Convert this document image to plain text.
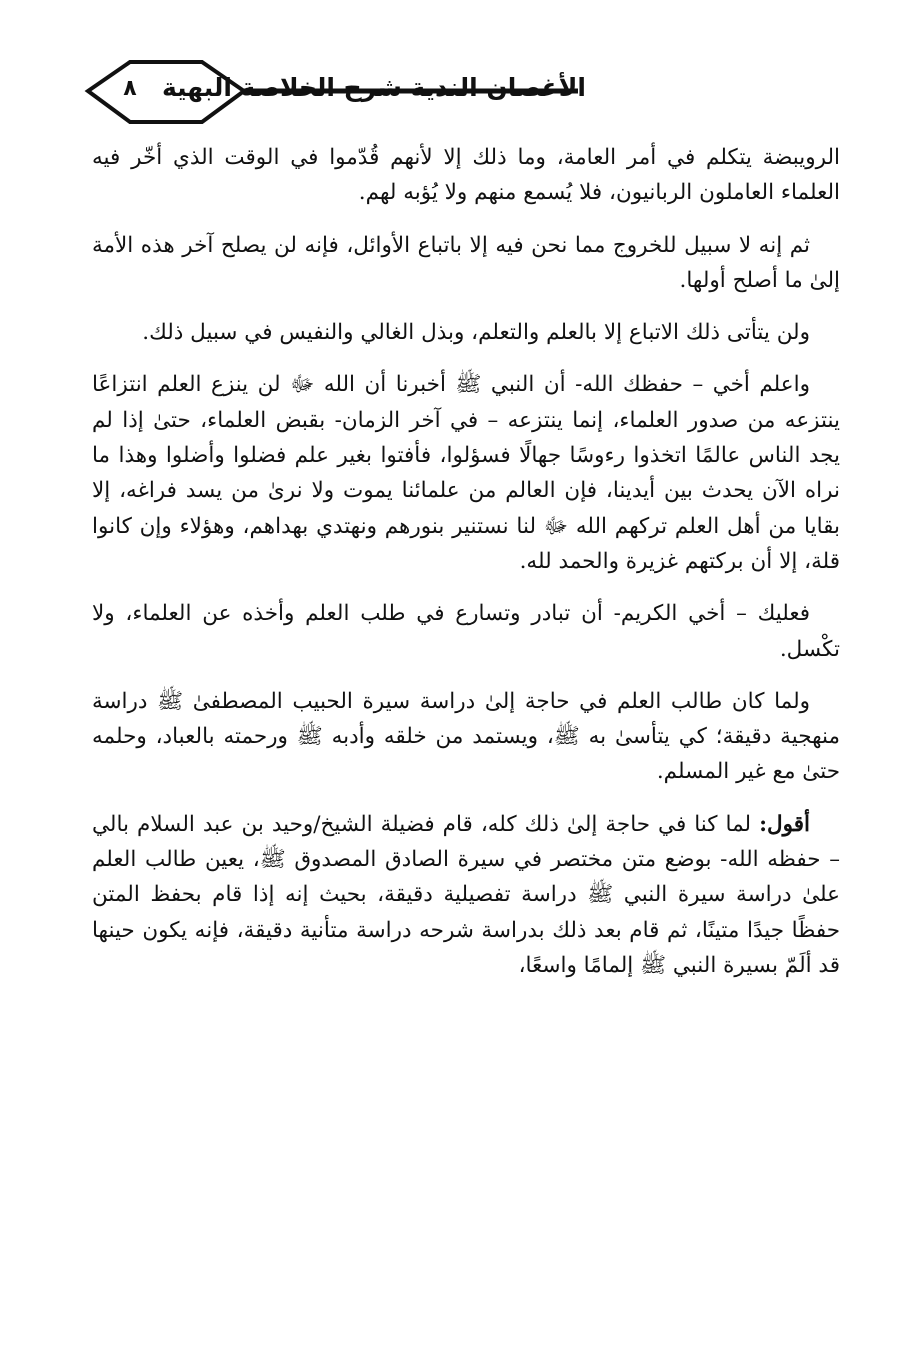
٨	الأغصان الندية شرح الخلاصة البهية

الرويبضة يتكلم في أمر العامة، وما ذلك إلا لأنهم قُدّموا في الوقت الذي أخّر فيه العلماء العاملون الربانيون، فلا يُسمع منهم ولا يُؤبه لهم.

ثم إنه لا سبيل للخروج مما نحن فيه إلا باتباع الأوائل، فإنه لن يصلح آخر هذه الأمة إلىٰ ما أصلح أولها.

ولن يتأتى ذلك الاتباع إلا بالعلم والتعلم، وبذل الغالي والنفيس في سبيل ذلك.

واعلم أخي – حفظك الله- أن النبي ﷺ أخبرنا أن الله ﷻ لن ينزع العلم انتزاعًا ينتزعه من صدور العلماء، إنما ينتزعه – في آخر الزمان- بقبض العلماء، حتىٰ إذا لم يجد الناس عالمًا اتخذوا رءوسًا جهالًا فسؤلوا، فأفتوا بغير علم فضلوا وأضلوا وهذا ما نراه الآن يحدث بين أيدينا، فإن العالم من علمائنا يموت ولا نرىٰ من يسد فراغه، إلا بقايا من أهل العلم تركهم الله ﷻ لنا نستنير بنورهم ونهتدي بهداهم، وهؤلاء وإن كانوا قلة، إلا أن بركتهم غزيرة والحمد لله.

فعليك – أخي الكريم- أن تبادر وتسارع في طلب العلم وأخذه عن العلماء، ولا تكْسل.

ولما كان طالب العلم في حاجة إلىٰ دراسة سيرة الحبيب المصطفىٰ ﷺ دراسة منهجية دقيقة؛ كي يتأسىٰ به ﷺ، ويستمد من خلقه وأدبه ﷺ ورحمته بالعباد، وحلمه حتىٰ مع غير المسلم.

أقول: لما كنا في حاجة إلىٰ ذلك كله، قام فضيلة الشيخ/وحيد بن عبد السلام بالي – حفظه الله- بوضع متن مختصر في سيرة الصادق المصدوق ﷺ، يعين طالب العلم علىٰ دراسة سيرة النبي ﷺ دراسة تفصيلية دقيقة، بحيث إنه إذا قام بحفظ المتن حفظًا جيدًا متينًا، ثم قام بعد ذلك بدراسة شرحه دراسة متأنية دقيقة، فإنه يكون حينها قد ألَمّ بسيرة النبي ﷺ إلمامًا واسعًا،
